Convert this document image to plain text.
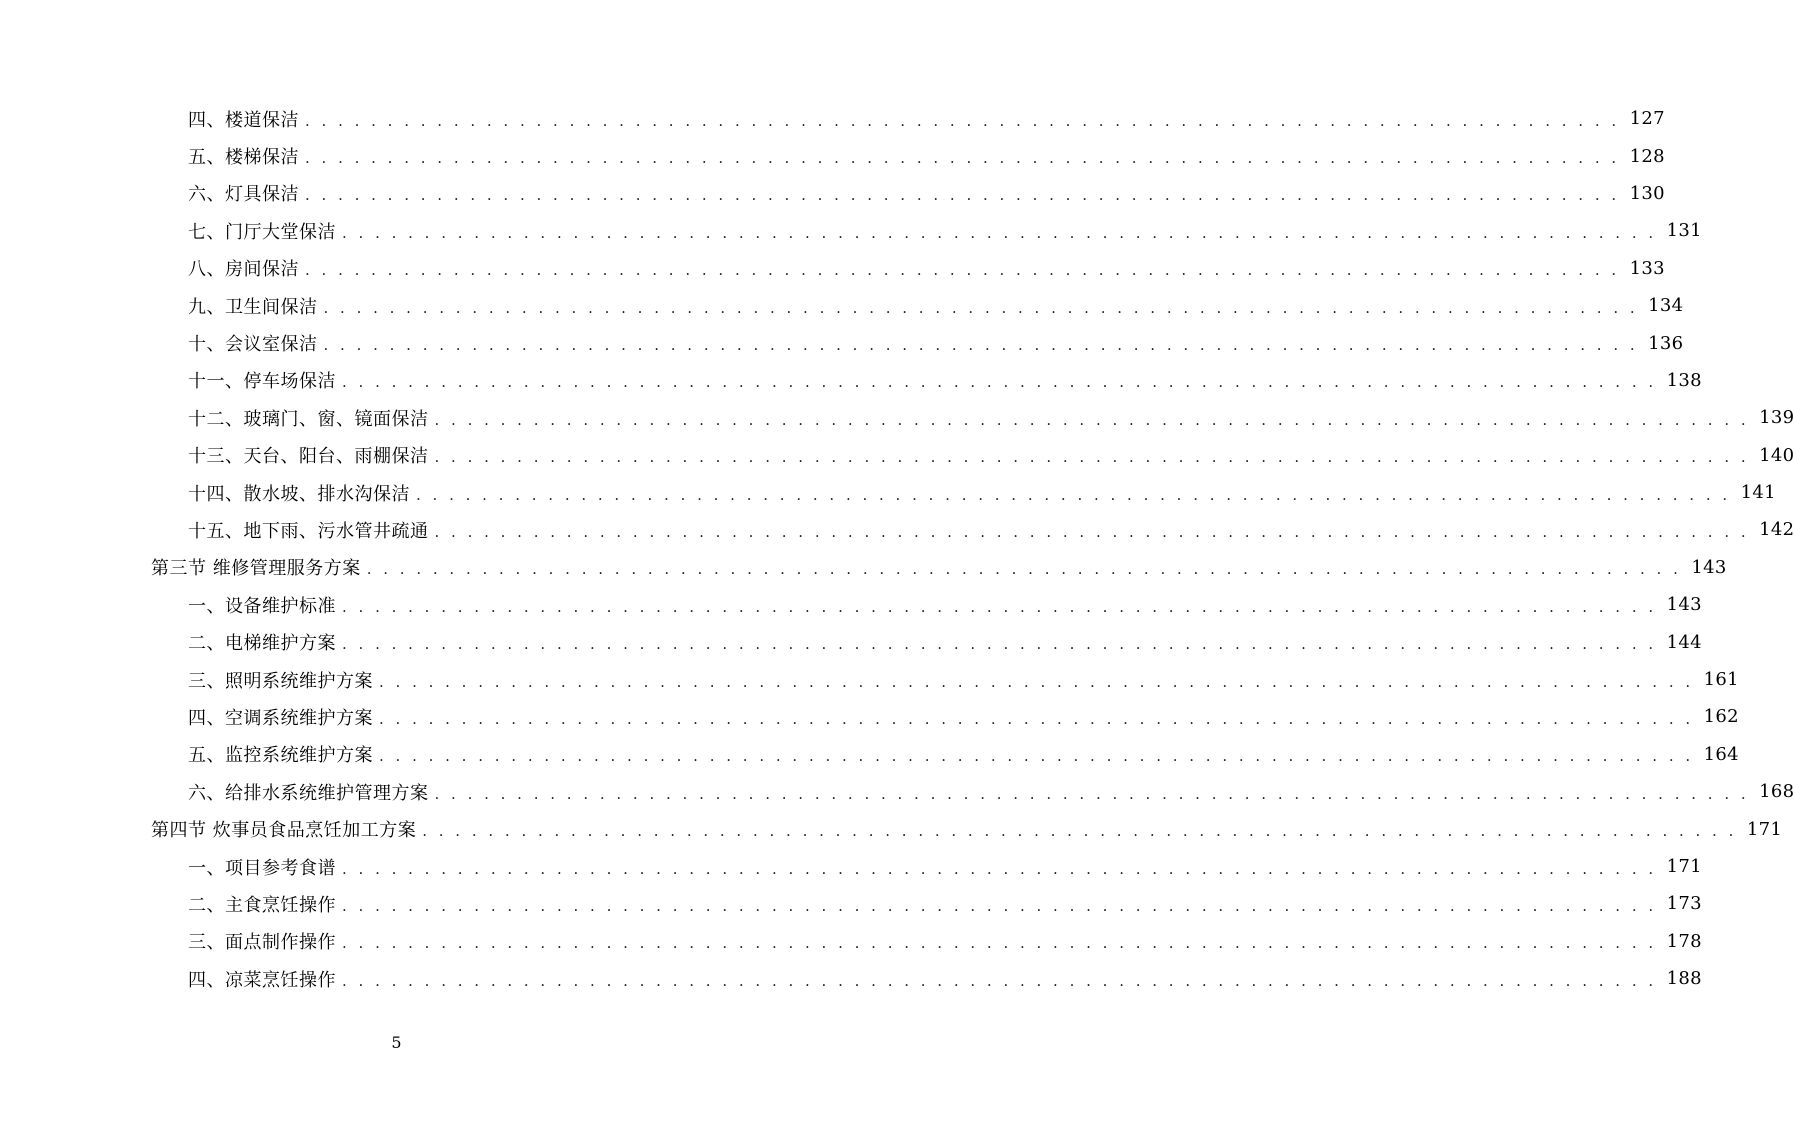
四、楼道保洁 . . . . . . . . . . . . . . . . . . . . . . . . . . . . . . . . . . . . . . . . . . . . . . . . . . . . . . . . . . . . . . . . . . . . . . . . . . . . . . . . 127
五、楼梯保洁 . . . . . . . . . . . . . . . . . . . . . . . . . . . . . . . . . . . . . . . . . . . . . . . . . . . . . . . . . . . . . . . . . . . . . . . . . . . . . . . . 128
六、灯具保洁 . . . . . . . . . . . . . . . . . . . . . . . . . . . . . . . . . . . . . . . . . . . . . . . . . . . . . . . . . . . . . . . . . . . . . . . . . . . . . . . . 130
七、门厅大堂保洁 . . . . . . . . . . . . . . . . . . . . . . . . . . . . . . . . . . . . . . . . . . . . . . . . . . . . . . . . . . . . . . . . . . . . . . . . . . . . . . . . 131
八、房间保洁 . . . . . . . . . . . . . . . . . . . . . . . . . . . . . . . . . . . . . . . . . . . . . . . . . . . . . . . . . . . . . . . . . . . . . . . . . . . . . . . . 133
九、卫生间保洁 . . . . . . . . . . . . . . . . . . . . . . . . . . . . . . . . . . . . . . . . . . . . . . . . . . . . . . . . . . . . . . . . . . . . . . . . . . . . . . . . 134
十、会议室保洁 . . . . . . . . . . . . . . . . . . . . . . . . . . . . . . . . . . . . . . . . . . . . . . . . . . . . . . . . . . . . . . . . . . . . . . . . . . . . . . . . 136
十一、停车场保洁 . . . . . . . . . . . . . . . . . . . . . . . . . . . . . . . . . . . . . . . . . . . . . . . . . . . . . . . . . . . . . . . . . . . . . . . . . . . . . . . . 138
十二、玻璃门、窗、镜面保洁 . . . . . . . . . . . . . . . . . . . . . . . . . . . . . . . . . . . . . . . . . . . . . . . . . . . . . . . . . . . . . . . . . . . . . . . . . . . . . . . . 139
十三、天台、阳台、雨棚保洁 . . . . . . . . . . . . . . . . . . . . . . . . . . . . . . . . . . . . . . . . . . . . . . . . . . . . . . . . . . . . . . . . . . . . . . . . . . . . . . . . 140
十四、散水坡、排水沟保洁 . . . . . . . . . . . . . . . . . . . . . . . . . . . . . . . . . . . . . . . . . . . . . . . . . . . . . . . . . . . . . . . . . . . . . . . . . . . . . . . . 141
十五、地下雨、污水管井疏通 . . . . . . . . . . . . . . . . . . . . . . . . . . . . . . . . . . . . . . . . . . . . . . . . . . . . . . . . . . . . . . . . . . . . . . . . . . . . . . . . 142
第三节 维修管理服务方案 . . . . . . . . . . . . . . . . . . . . . . . . . . . . . . . . . . . . . . . . . . . . . . . . . . . . . . . . . . . . . . . . . . . . . . . . . . . . . . . . 143
一、设备维护标准 . . . . . . . . . . . . . . . . . . . . . . . . . . . . . . . . . . . . . . . . . . . . . . . . . . . . . . . . . . . . . . . . . . . . . . . . . . . . . . . . 143
二、电梯维护方案 . . . . . . . . . . . . . . . . . . . . . . . . . . . . . . . . . . . . . . . . . . . . . . . . . . . . . . . . . . . . . . . . . . . . . . . . . . . . . . . . 144
三、照明系统维护方案 . . . . . . . . . . . . . . . . . . . . . . . . . . . . . . . . . . . . . . . . . . . . . . . . . . . . . . . . . . . . . . . . . . . . . . . . . . . . . . . . 161
四、空调系统维护方案 . . . . . . . . . . . . . . . . . . . . . . . . . . . . . . . . . . . . . . . . . . . . . . . . . . . . . . . . . . . . . . . . . . . . . . . . . . . . . . . . 162
五、监控系统维护方案 . . . . . . . . . . . . . . . . . . . . . . . . . . . . . . . . . . . . . . . . . . . . . . . . . . . . . . . . . . . . . . . . . . . . . . . . . . . . . . . . 164
六、给排水系统维护管理方案 . . . . . . . . . . . . . . . . . . . . . . . . . . . . . . . . . . . . . . . . . . . . . . . . . . . . . . . . . . . . . . . . . . . . . . . . . . . . . . . . 168
第四节 炊事员食品烹饪加工方案 . . . . . . . . . . . . . . . . . . . . . . . . . . . . . . . . . . . . . . . . . . . . . . . . . . . . . . . . . . . . . . . . . . . . . . . . . . . . . . . . 171
一、项目参考食谱 . . . . . . . . . . . . . . . . . . . . . . . . . . . . . . . . . . . . . . . . . . . . . . . . . . . . . . . . . . . . . . . . . . . . . . . . . . . . . . . . 171
二、主食烹饪操作 . . . . . . . . . . . . . . . . . . . . . . . . . . . . . . . . . . . . . . . . . . . . . . . . . . . . . . . . . . . . . . . . . . . . . . . . . . . . . . . . 173
三、面点制作操作 . . . . . . . . . . . . . . . . . . . . . . . . . . . . . . . . . . . . . . . . . . . . . . . . . . . . . . . . . . . . . . . . . . . . . . . . . . . . . . . . 178
四、凉菜烹饪操作 . . . . . . . . . . . . . . . . . . . . . . . . . . . . . . . . . . . . . . . . . . . . . . . . . . . . . . . . . . . . . . . . . . . . . . . . . . . . . . . . 188
5
